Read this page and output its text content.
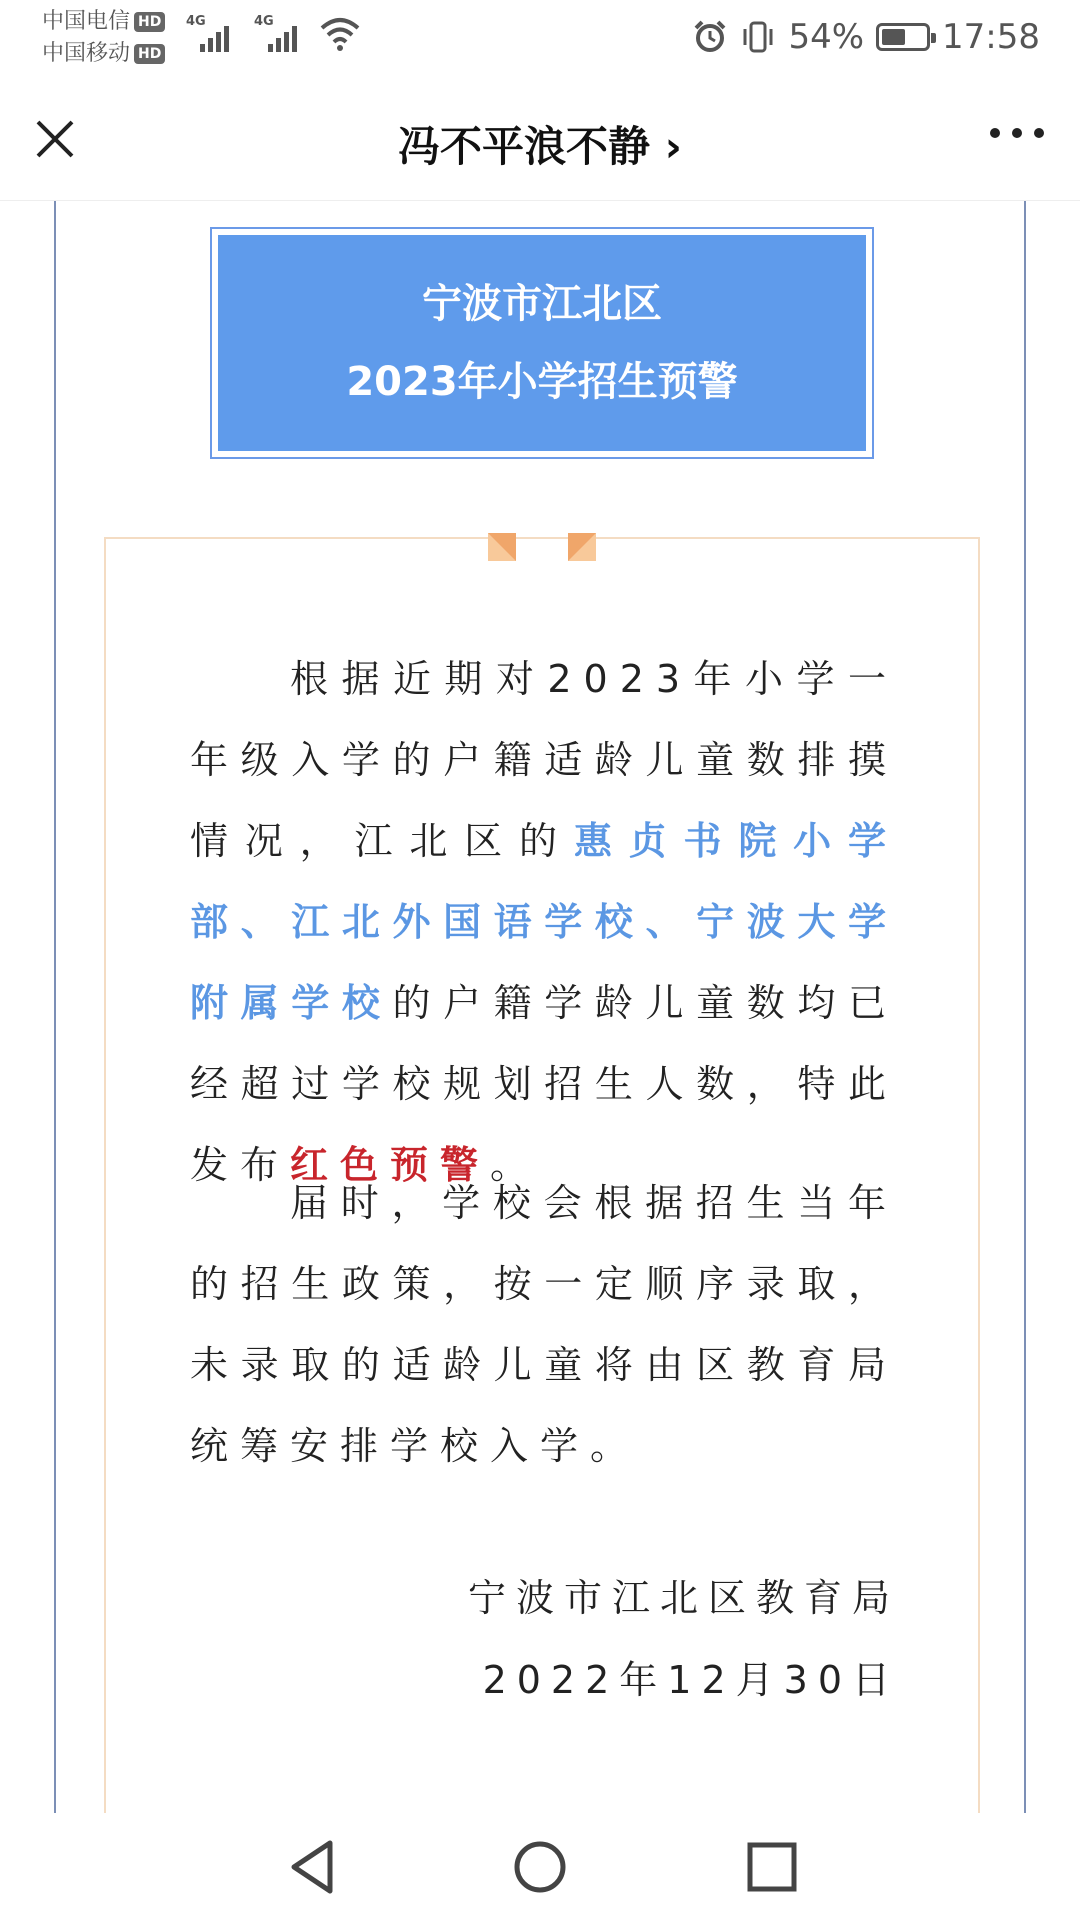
中国电信 HD
中国移动 HD
4G	4G	54% 17:58
冯不平浪不静 ›
宁波市江北区
2023年小学招生预警
根据近期对2023年小学一年级入学的户籍适龄儿童数排摸情况，江北区的惠贞书院小学部、江北外国语学校、宁波大学附属学校的户籍学龄儿童数均已经超过学校规划招生人数，特此发布红色预警。
届时，学校会根据招生当年的招生政策，按一定顺序录取，未录取的适龄儿童将由区教育局统筹安排学校入学。
宁波市江北区教育局
2022年12月30日
